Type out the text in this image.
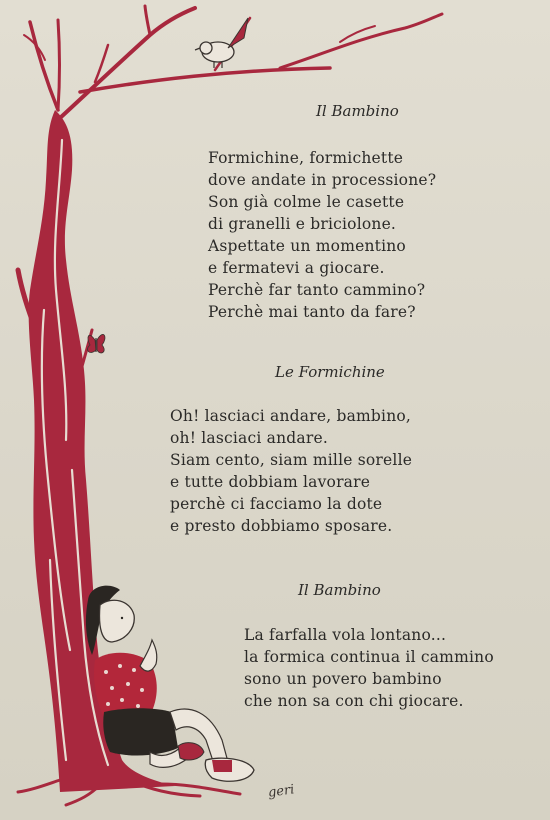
Il Bambino
Formichine, formichette
dove andate in processione?
Son già colme le casette
di granelli e briciolone.
Aspettate un momentino
e fermatevi a giocare.
Perchè far tanto cammino?
Perchè mai tanto da fare?
Le Formichine
Oh! lasciaci andare, bambino,
oh! lasciaci andare.
Siam cento, siam mille sorelle
e tutte dobbiam lavorare
perchè ci facciamo la dote
e presto dobbiamo sposare.
Il Bambino
La farfalla vola lontano...
la formica continua il cammino
sono un povero bambino
che non sa con chi giocare.
geri
